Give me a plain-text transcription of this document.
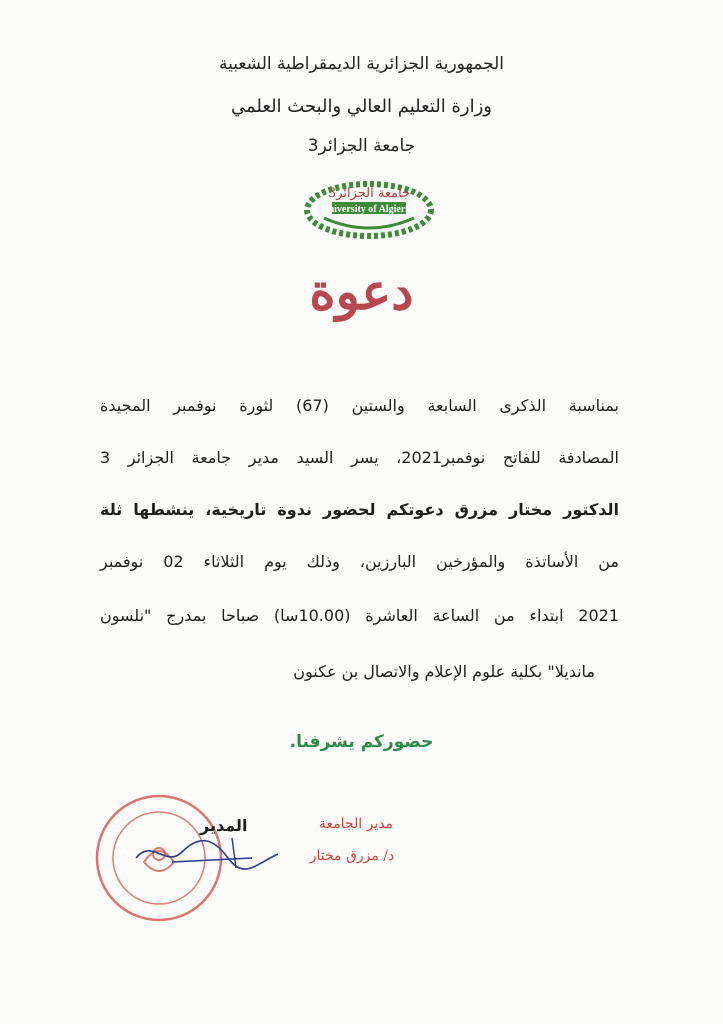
الجمهورية الجزائرية الديمقراطية الشعبية
وزارة التعليم العالي والبحث العلمي
جامعة الجزائر3
جامعة الجزائر3
University of Algiers 3
دعوة
بمناسبة الذكرى السابعة والستين (67) لثورة نوفمبر المجيدة
المصادفة للفاتح نوفمبر2021، يسر السيد مدير جامعة الجزائر 3
الدكتور مختار مزرق دعوتكم لحضور ندوة تاريخية، ينشطها ثلة
من الأساتذة والمؤرخين البارزين، وذلك يوم الثلاثاء 02 نوفمبر
2021 ابتداء من الساعة العاشرة (10.00سا) صباحا بمدرج "نلسون
مانديلا" بكلية علوم الإعلام والاتصال بن عكنون
حضوركم يشرفنا.
المدير	مدير الجامعة
د/ مزرق مختار
